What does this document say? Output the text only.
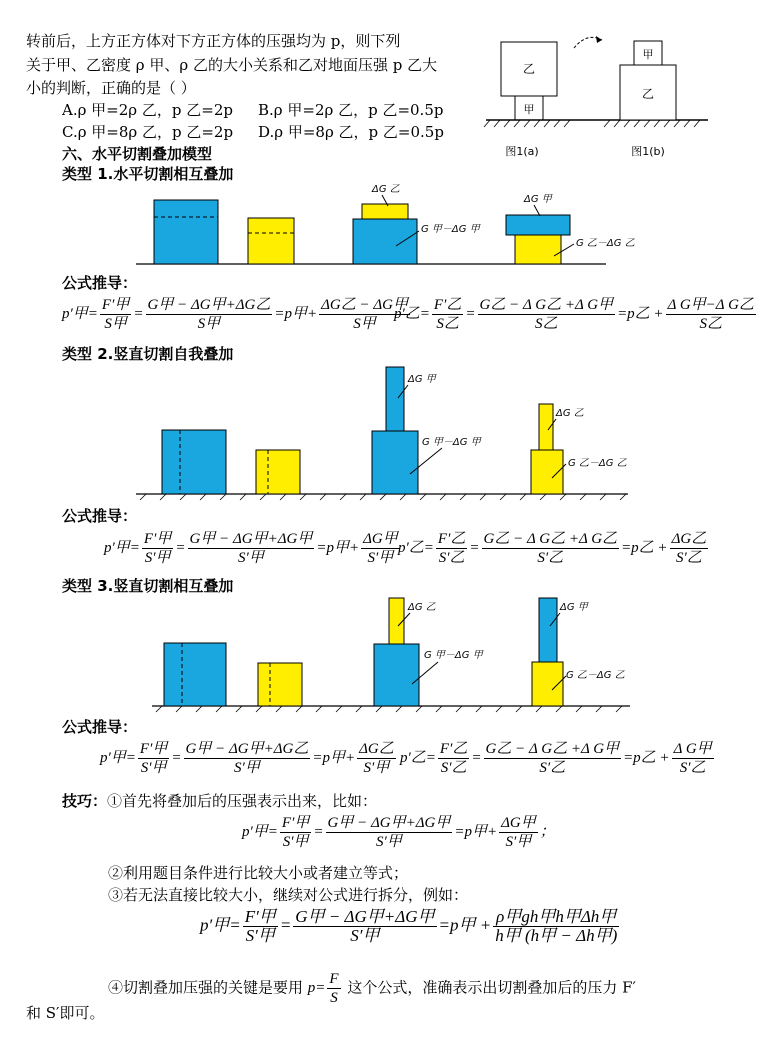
转前后，上方正方体对下方正方体的压强均为 p，则下列
关于甲、乙密度 ρ 甲、ρ 乙的大小关系和乙对地面压强 p 乙大
小的判断，正确的是（ ）
A.ρ 甲=2ρ 乙，p 乙=2p B.ρ 甲=2ρ 乙，p 乙=0.5p
C.ρ 甲=8ρ 乙，p 乙=2p D.ρ 甲=8ρ 乙，p 乙=0.5p
乙
甲
甲
乙
图1(a)	图1(b)
六、水平切割叠加模型
类型 1.水平切割相互叠加
ΔG 乙
G 甲－ΔG 甲
ΔG 甲
G 乙－ΔG 乙
公式推导：
p′甲= $\frac{\text{F′甲}}{\text{S甲}} = \frac{\text{G甲 − ΔG甲+ΔG乙}}{\text{S甲}} =p$甲+ $\frac{\text{ΔG乙 − ΔG甲}}{\text{S甲}}$
p′乙= $\frac{\text{F′乙}}{\text{S乙}} = \frac{\text{G乙 − Δ G乙 +Δ G甲}}{\text{S乙}} =p$乙 + $\frac{\text{Δ G甲−Δ G乙}}{\text{S乙}}$
类型 2.竖直切割自我叠加
ΔG 甲
G 甲－ΔG 甲
ΔG 乙
G 乙－ΔG 乙
公式推导：
p′甲= $\frac{\text{F′甲}}{\text{S′甲}} = \frac{\text{G甲 − ΔG甲+ΔG甲}}{\text{S′甲}} =p$甲+ $\frac{\text{ΔG甲}}{\text{S′甲}}$
p′乙= $\frac{\text{F′乙}}{\text{S′乙}} = \frac{\text{G乙 − Δ G乙 +Δ G乙}}{\text{S′乙}} =p$乙 + $\frac{\text{ΔG乙}}{\text{S′乙}}$
类型 3.竖直切割相互叠加
ΔG 乙
G 甲－ΔG 甲
ΔG 甲
G 乙－ΔG 乙
公式推导：
p′甲= $\frac{\text{F′甲}}{\text{S′甲}} = \frac{\text{G甲 − ΔG甲+ΔG乙}}{\text{S′甲}} =p$甲+ $\frac{\text{ΔG乙}}{\text{S′甲}} p'$乙= $\frac{\text{F′乙}}{\text{S′乙}} = \frac{\text{G乙 − Δ G乙 +Δ G甲}}{\text{S′乙}} =p$乙 + $\frac{\text{Δ G甲}}{\text{S′乙}}$
技巧：①首先将叠加后的压强表示出来，比如：
p′甲= $\frac{\text{F′甲}}{\text{S′甲}} = \frac{\text{G甲 − ΔG甲+ΔG甲}}{\text{S′甲}} =p$甲+ $\frac{\text{ΔG甲}}{\text{S′甲}}$ ；
②利用题目条件进行比较大小或者建立等式；
③若无法直接比较大小，继续对公式进行拆分，例如：
p′甲= $\frac{\text{F′甲}}{\text{S′甲}} = \frac{\text{G甲 − ΔG甲+ΔG甲}}{\text{S′甲}} =p$甲 + $\frac{\text{ρ甲gh甲h甲Δh甲}}{\text{h甲 (h甲 − Δh甲)}}$
④切割叠加压强的关键是要用 $p= \frac{F}{S}$ 这个公式，准确表示出切割叠加后的压力 F′
和 S′即可。
